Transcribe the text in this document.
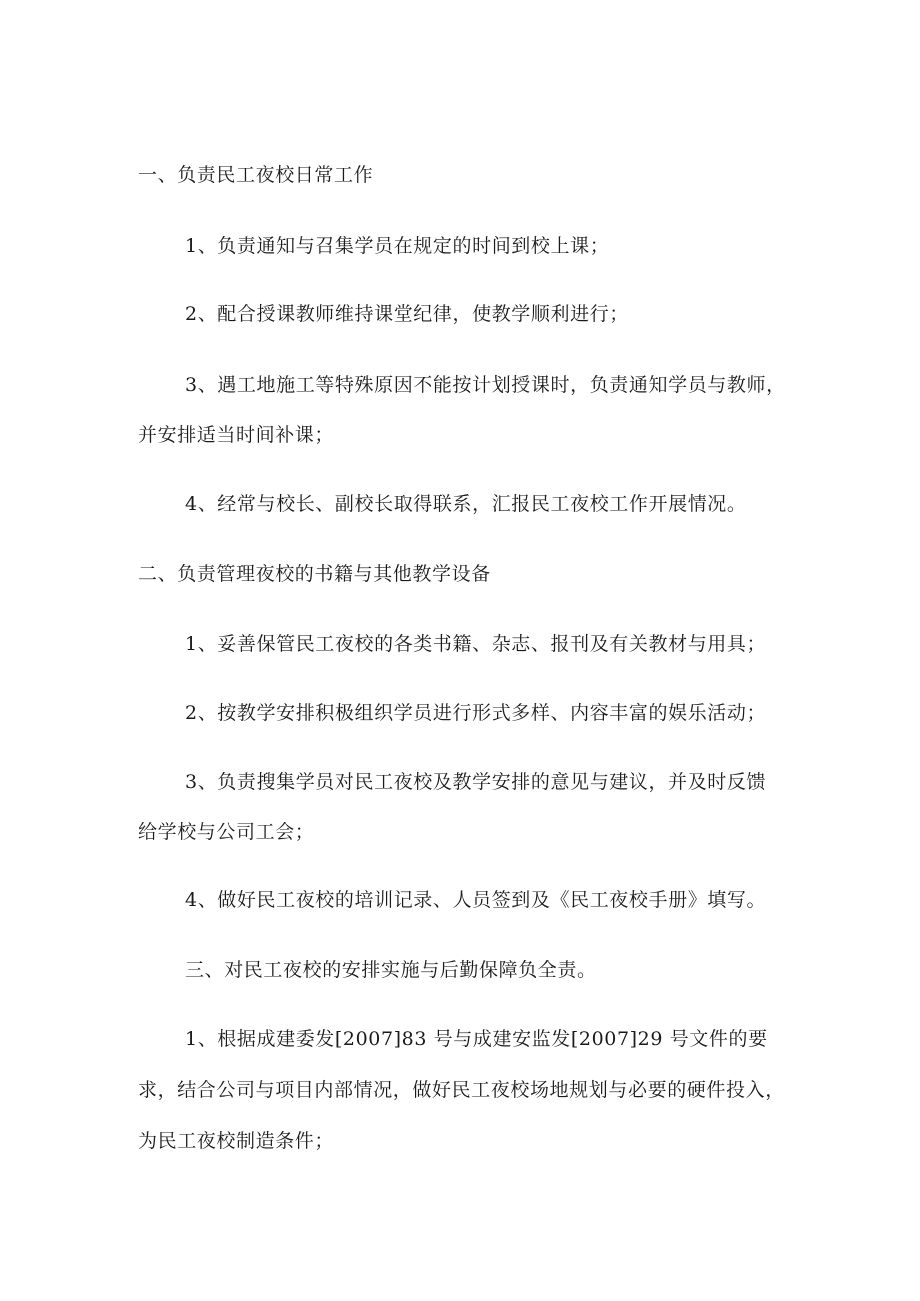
一、负责民工夜校日常工作
1、负责通知与召集学员在规定的时间到校上课；
2、配合授课教师维持课堂纪律，使教学顺利进行；
3、遇工地施工等特殊原因不能按计划授课时，负责通知学员与教师，
并安排适当时间补课；
4、经常与校长、副校长取得联系，汇报民工夜校工作开展情况。
二、负责管理夜校的书籍与其他教学设备
1、妥善保管民工夜校的各类书籍、杂志、报刊及有关教材与用具；
2、按教学安排积极组织学员进行形式多样、内容丰富的娱乐活动；
3、负责搜集学员对民工夜校及教学安排的意见与建议，并及时反馈
给学校与公司工会；
4、做好民工夜校的培训记录、人员签到及《民工夜校手册》填写。
三、对民工夜校的安排实施与后勤保障负全责。
1、根据成建委发[2007]83 号与成建安监发[2007]29 号文件的要
求，结合公司与项目内部情况，做好民工夜校场地规划与必要的硬件投入，
为民工夜校制造条件；
